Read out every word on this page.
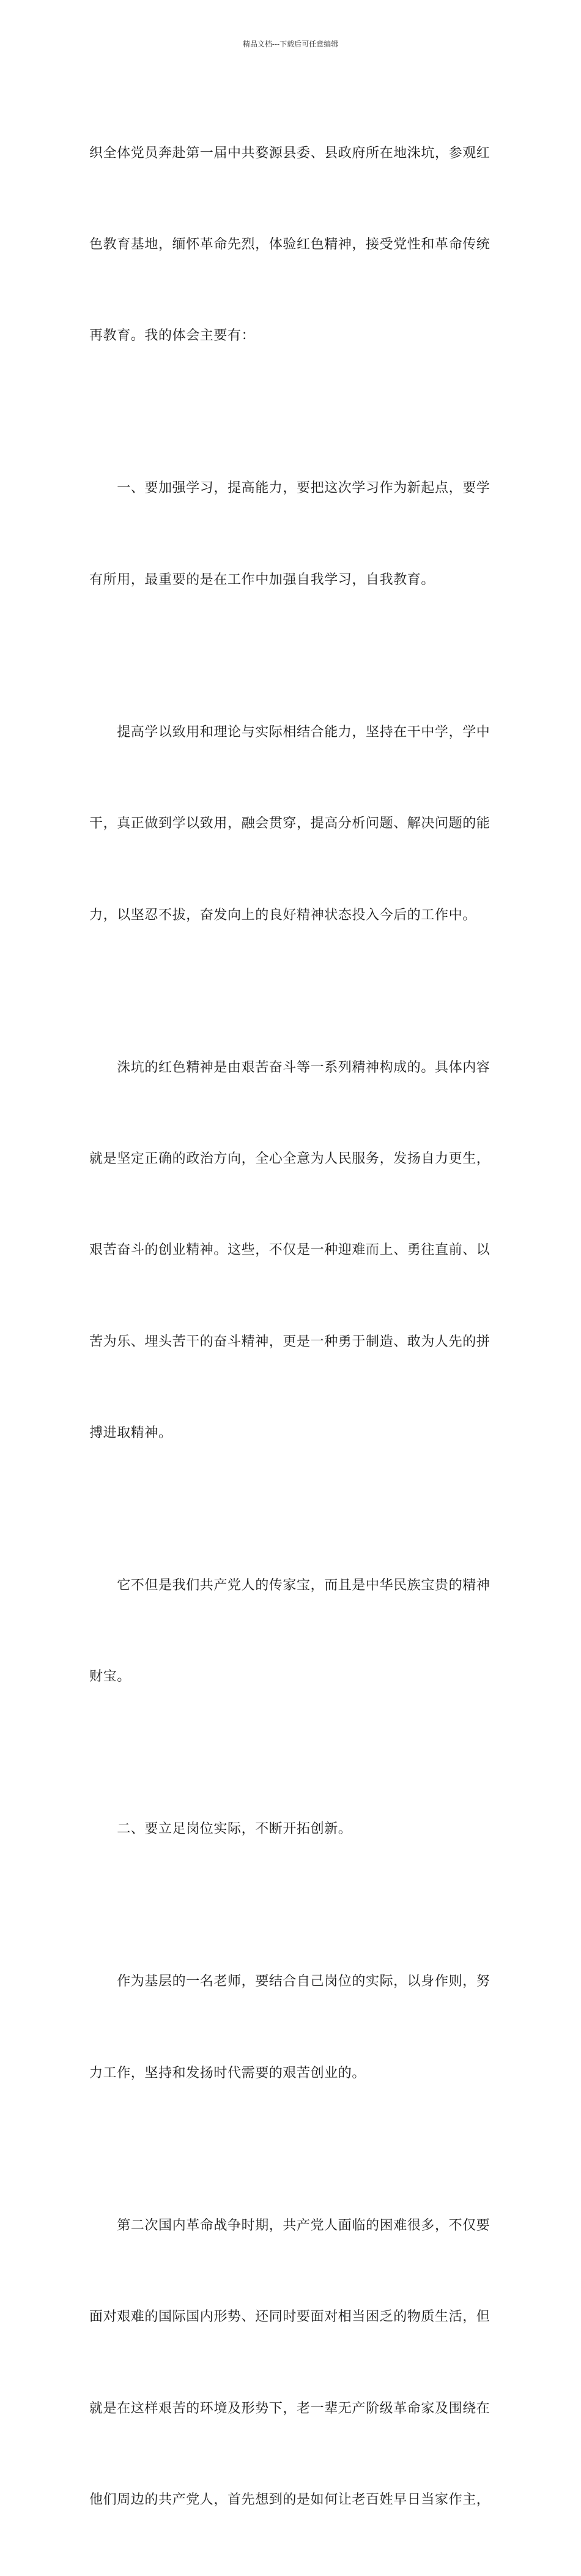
精品文档---下载后可任意编辑

织全体党员奔赴第一届中共婺源县委、县政府所在地洙坑，参观红

色教育基地，缅怀革命先烈，体验红色精神，接受党性和革命传统

再教育。我的体会主要有：

　　一、要加强学习，提高能力，要把这次学习作为新起点，要学

有所用，最重要的是在工作中加强自我学习，自我教育。

　　提高学以致用和理论与实际相结合能力，坚持在干中学，学中

干，真正做到学以致用，融会贯穿，提高分析问题、解决问题的能

力，以坚忍不拔，奋发向上的良好精神状态投入今后的工作中。

　　洙坑的红色精神是由艰苦奋斗等一系列精神构成的。具体内容

就是坚定正确的政治方向，全心全意为人民服务，发扬自力更生，

艰苦奋斗的创业精神。这些，不仅是一种迎难而上、勇往直前、以

苦为乐、埋头苦干的奋斗精神，更是一种勇于制造、敢为人先的拼

搏进取精神。

　　它不但是我们共产党人的传家宝，而且是中华民族宝贵的精神

财宝。

　　二、要立足岗位实际，不断开拓创新。

　　作为基层的一名老师，要结合自己岗位的实际，以身作则，努

力工作，坚持和发扬时代需要的艰苦创业的。

　　第二次国内革命战争时期，共产党人面临的困难很多，不仅要

面对艰难的国际国内形势、还同时要面对相当困乏的物质生活，但

就是在这样艰苦的环境及形势下，老一辈无产阶级革命家及围绕在

他们周边的共产党人，首先想到的是如何让老百姓早日当家作主，
